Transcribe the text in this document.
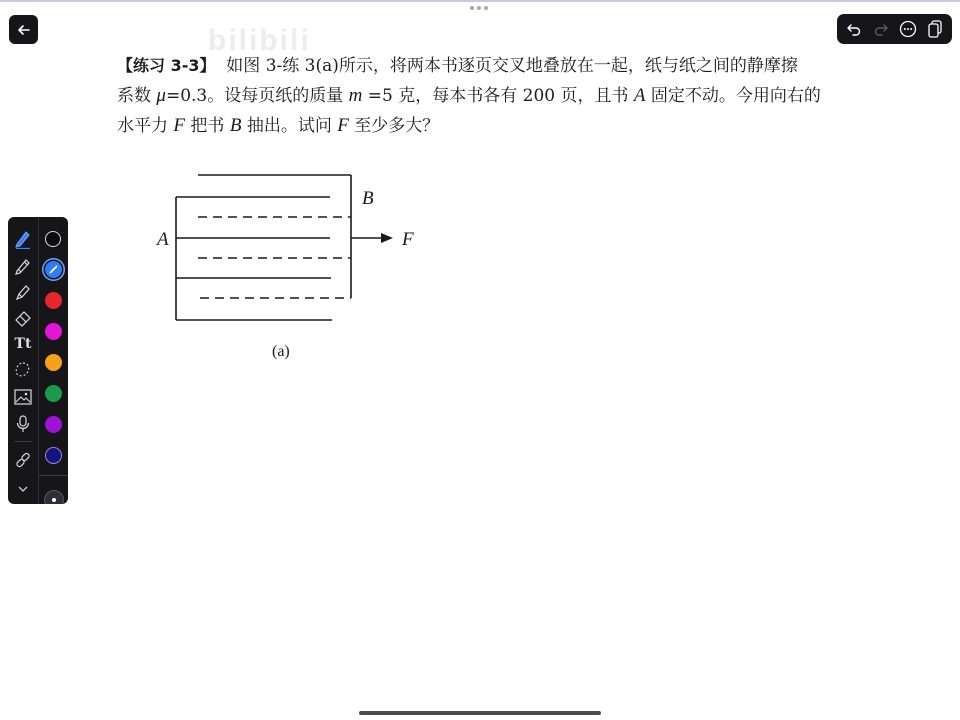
bilibili
【练习 3-3】 如图 3-练 3(a)所示，将两本书逐页交叉地叠放在一起，纸与纸之间的静摩擦
系数 μ=0.3。设每页纸的质量 m =5 克，每本书各有 200 页，且书 A 固定不动。今用向右的
水平力 F 把书 B 抽出。试问 F 至少多大？
A
B
F
(a)
Tt
